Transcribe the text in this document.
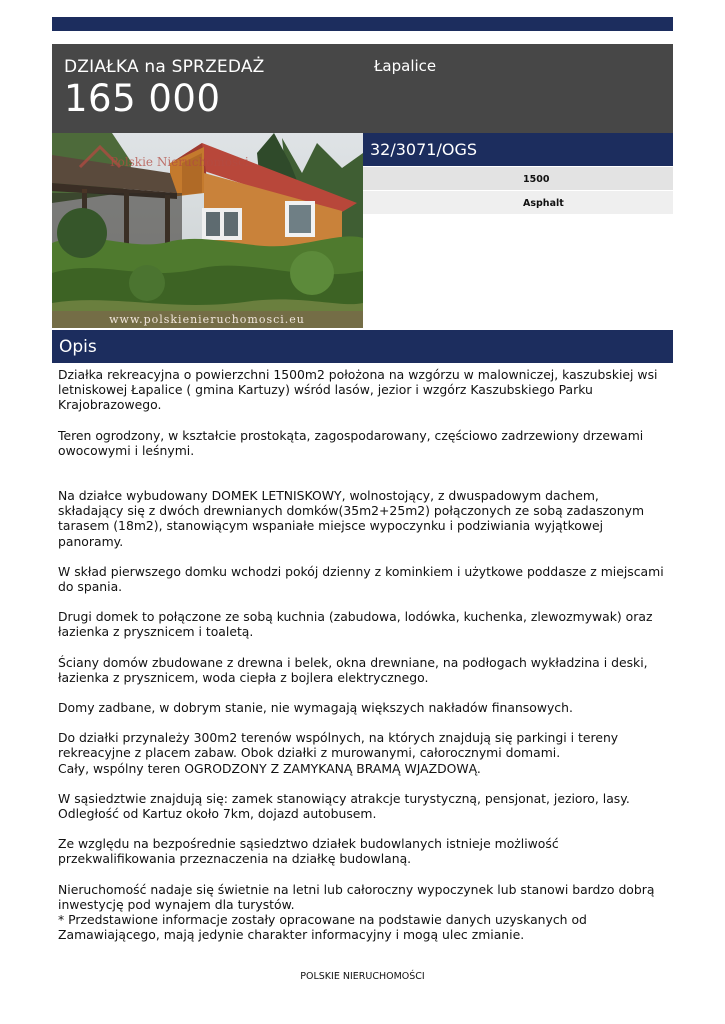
DZIAŁKA na SPRZEDAŻ
165 000
Łapalice
www.polskienieruchomosci.eu
Polskie Nieruchomości
32/3071/OGS
1500
Asphalt
Opis

Działka rekreacyjna o powierzchni 1500m2 położona na wzgórzu w malowniczej, kaszubskiej wsi letniskowej Łapalice ( gmina Kartuzy) wśród lasów, jezior i wzgórz Kaszubskiego Parku Krajobrazowego.

Teren ogrodzony, w kształcie prostokąta, zagospodarowany, częściowo zadrzewiony drzewami owocowymi i leśnymi.

Na działce wybudowany DOMEK LETNISKOWY, wolnostojący, z dwuspadowym dachem, składający się z dwóch drewnianych domków(35m2+25m2) połączonych ze sobą zadaszonym tarasem (18m2), stanowiącym wspaniałe miejsce wypoczynku i podziwiania wyjątkowej panoramy.

W skład pierwszego domku wchodzi pokój dzienny z kominkiem i użytkowe poddasze z miejscami do spania.

Drugi domek to połączone ze sobą kuchnia (zabudowa, lodówka, kuchenka, zlewozmywak) oraz łazienka z prysznicem i toaletą.

Ściany domów zbudowane z drewna i belek, okna drewniane, na podłogach wykładzina i deski, łazienka z prysznicem, woda ciepła z bojlera elektrycznego.

Domy zadbane, w dobrym stanie, nie wymagają większych nakładów finansowych.

Do działki przynależy 300m2 terenów wspólnych, na których znajdują się parkingi i tereny rekreacyjne z placem zabaw. Obok działki z murowanymi, całorocznymi domami.
Cały, wspólny teren OGRODZONY Z ZAMYKANĄ BRAMĄ WJAZDOWĄ.

W sąsiedztwie znajdują się: zamek stanowiący atrakcje turystyczną, pensjonat, jezioro, lasy.
Odległość od Kartuz około 7km, dojazd autobusem.

Ze względu na bezpośrednie sąsiedztwo działek budowlanych istnieje możliwość przekwalifikowania przeznaczenia na działkę budowlaną.

Nieruchomość nadaje się świetnie na letni lub całoroczny wypoczynek lub stanowi bardzo dobrą inwestycję pod wynajem dla turystów.
* Przedstawione informacje zostały opracowane na podstawie danych uzyskanych od Zamawiającego, mają jedynie charakter informacyjny i mogą ulec zmianie.

POLSKIE NIERUCHOMOŚCI
